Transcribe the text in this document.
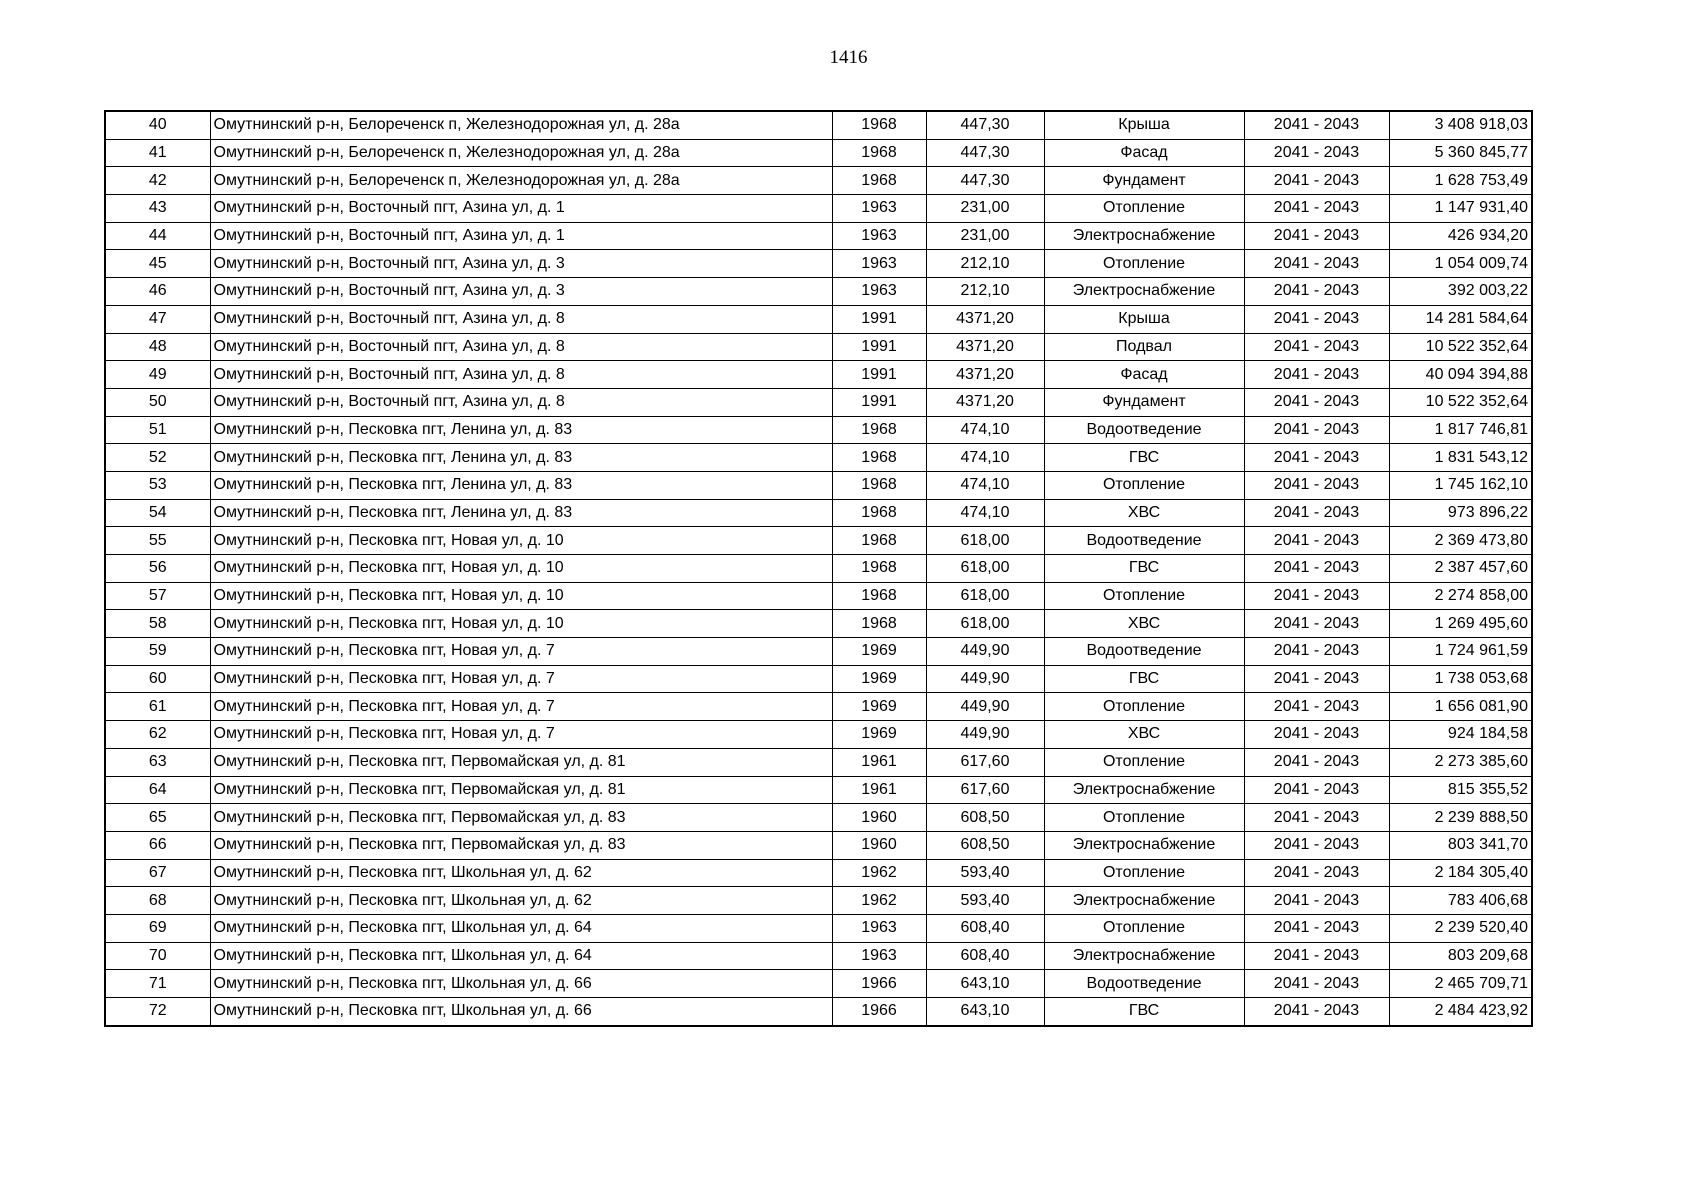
1416
40	Омутнинский р-н, Белореченск п, Железнодорожная ул, д. 28а	1968	447,30	Крыша	2041 - 2043	3 408 918,03
41	Омутнинский р-н, Белореченск п, Железнодорожная ул, д. 28а	1968	447,30	Фасад	2041 - 2043	5 360 845,77
42	Омутнинский р-н, Белореченск п, Железнодорожная ул, д. 28а	1968	447,30	Фундамент	2041 - 2043	1 628 753,49
43	Омутнинский р-н, Восточный пгт, Азина ул, д. 1	1963	231,00	Отопление	2041 - 2043	1 147 931,40
44	Омутнинский р-н, Восточный пгт, Азина ул, д. 1	1963	231,00	Электроснабжение	2041 - 2043	426 934,20
45	Омутнинский р-н, Восточный пгт, Азина ул, д. 3	1963	212,10	Отопление	2041 - 2043	1 054 009,74
46	Омутнинский р-н, Восточный пгт, Азина ул, д. 3	1963	212,10	Электроснабжение	2041 - 2043	392 003,22
47	Омутнинский р-н, Восточный пгт, Азина ул, д. 8	1991	4371,20	Крыша	2041 - 2043	14 281 584,64
48	Омутнинский р-н, Восточный пгт, Азина ул, д. 8	1991	4371,20	Подвал	2041 - 2043	10 522 352,64
49	Омутнинский р-н, Восточный пгт, Азина ул, д. 8	1991	4371,20	Фасад	2041 - 2043	40 094 394,88
50	Омутнинский р-н, Восточный пгт, Азина ул, д. 8	1991	4371,20	Фундамент	2041 - 2043	10 522 352,64
51	Омутнинский р-н, Песковка пгт, Ленина ул, д. 83	1968	474,10	Водоотведение	2041 - 2043	1 817 746,81
52	Омутнинский р-н, Песковка пгт, Ленина ул, д. 83	1968	474,10	ГВС	2041 - 2043	1 831 543,12
53	Омутнинский р-н, Песковка пгт, Ленина ул, д. 83	1968	474,10	Отопление	2041 - 2043	1 745 162,10
54	Омутнинский р-н, Песковка пгт, Ленина ул, д. 83	1968	474,10	ХВС	2041 - 2043	973 896,22
55	Омутнинский р-н, Песковка пгт, Новая ул, д. 10	1968	618,00	Водоотведение	2041 - 2043	2 369 473,80
56	Омутнинский р-н, Песковка пгт, Новая ул, д. 10	1968	618,00	ГВС	2041 - 2043	2 387 457,60
57	Омутнинский р-н, Песковка пгт, Новая ул, д. 10	1968	618,00	Отопление	2041 - 2043	2 274 858,00
58	Омутнинский р-н, Песковка пгт, Новая ул, д. 10	1968	618,00	ХВС	2041 - 2043	1 269 495,60
59	Омутнинский р-н, Песковка пгт, Новая ул, д. 7	1969	449,90	Водоотведение	2041 - 2043	1 724 961,59
60	Омутнинский р-н, Песковка пгт, Новая ул, д. 7	1969	449,90	ГВС	2041 - 2043	1 738 053,68
61	Омутнинский р-н, Песковка пгт, Новая ул, д. 7	1969	449,90	Отопление	2041 - 2043	1 656 081,90
62	Омутнинский р-н, Песковка пгт, Новая ул, д. 7	1969	449,90	ХВС	2041 - 2043	924 184,58
63	Омутнинский р-н, Песковка пгт, Первомайская ул, д. 81	1961	617,60	Отопление	2041 - 2043	2 273 385,60
64	Омутнинский р-н, Песковка пгт, Первомайская ул, д. 81	1961	617,60	Электроснабжение	2041 - 2043	815 355,52
65	Омутнинский р-н, Песковка пгт, Первомайская ул, д. 83	1960	608,50	Отопление	2041 - 2043	2 239 888,50
66	Омутнинский р-н, Песковка пгт, Первомайская ул, д. 83	1960	608,50	Электроснабжение	2041 - 2043	803 341,70
67	Омутнинский р-н, Песковка пгт, Школьная ул, д. 62	1962	593,40	Отопление	2041 - 2043	2 184 305,40
68	Омутнинский р-н, Песковка пгт, Школьная ул, д. 62	1962	593,40	Электроснабжение	2041 - 2043	783 406,68
69	Омутнинский р-н, Песковка пгт, Школьная ул, д. 64	1963	608,40	Отопление	2041 - 2043	2 239 520,40
70	Омутнинский р-н, Песковка пгт, Школьная ул, д. 64	1963	608,40	Электроснабжение	2041 - 2043	803 209,68
71	Омутнинский р-н, Песковка пгт, Школьная ул, д. 66	1966	643,10	Водоотведение	2041 - 2043	2 465 709,71
72	Омутнинский р-н, Песковка пгт, Школьная ул, д. 66	1966	643,10	ГВС	2041 - 2043	2 484 423,92
